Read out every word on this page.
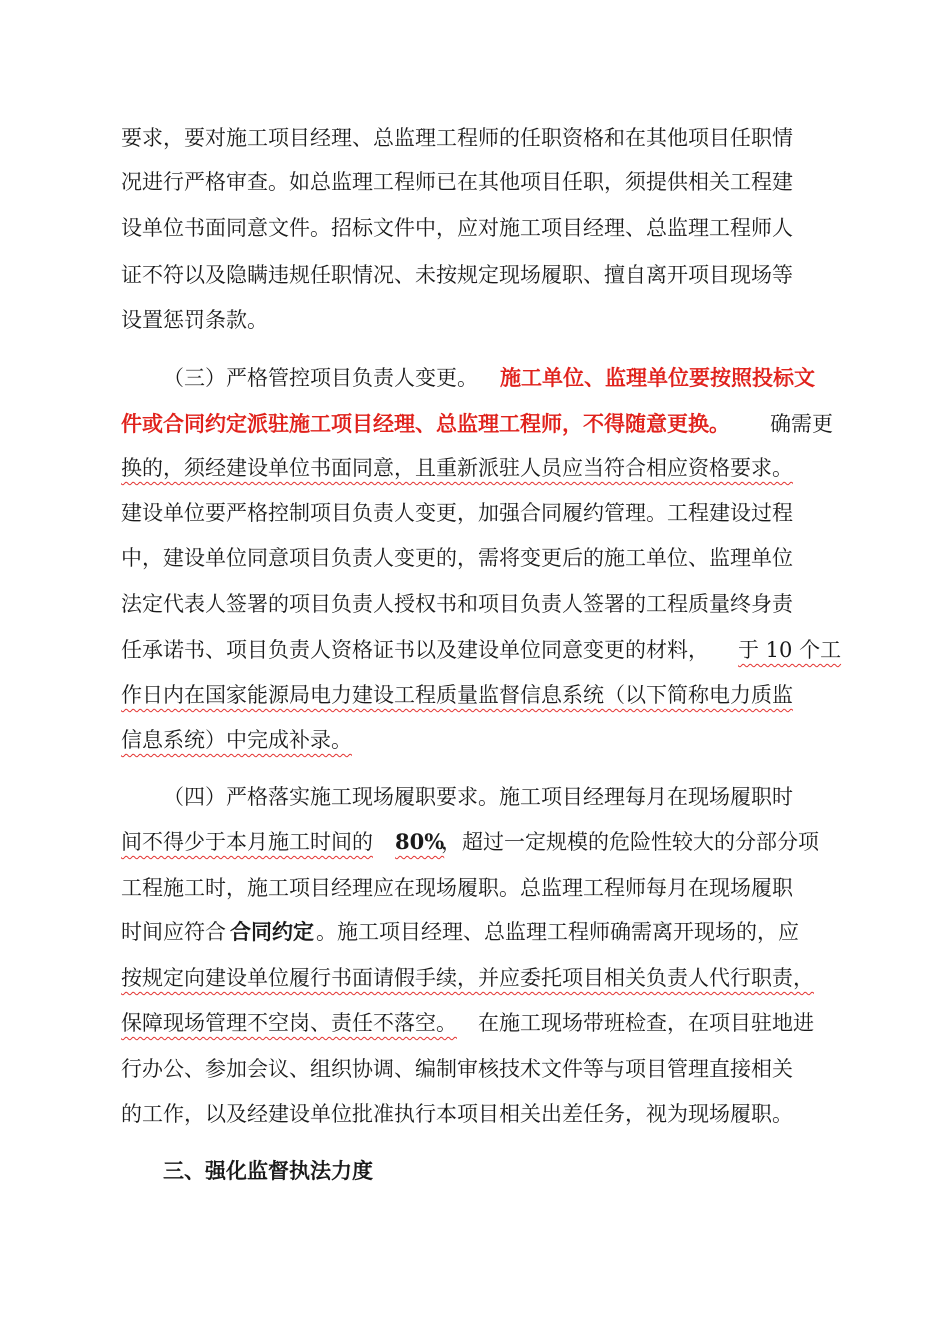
要求，要对施工项目经理、总监理工程师的任职资格和在其他项目任职情
况进行严格审查。如总监理工程师已在其他项目任职，须提供相关工程建
设单位书面同意文件。招标文件中，应对施工项目经理、总监理工程师人
证不符以及隐瞒违规任职情况、未按规定现场履职、擅自离开项目现场等
设置惩罚条款。
（三）严格管控项目负责人变更。 施工单位、监理单位要按照投标文
件或合同约定派驻施工项目经理、总监理工程师，不得随意更换。 确需更
换的，须经建设单位书面同意，且重新派驻人员应当符合相应资格要求。
建设单位要严格控制项目负责人变更，加强合同履约管理。工程建设过程
中，建设单位同意项目负责人变更的，需将变更后的施工单位、监理单位
法定代表人签署的项目负责人授权书和项目负责人签署的工程质量终身责
任承诺书、项目负责人资格证书以及建设单位同意变更的材料， 于 10 个工
作日内在国家能源局电力建设工程质量监督信息系统（以下简称电力质监
信息系统）中完成补录。
（四）严格落实施工现场履职要求。施工项目经理每月在现场履职时
间不得少于本月施工时间的 80%
，超过一定规模的危险性较大的分部分项
工程施工时，施工项目经理应在现场履职。总监理工程师每月在现场履职
时间应符合 合同约定 。施工项目经理、总监理工程师确需离开现场的，应
按规定向建设单位履行书面请假手续，并应委托项目相关负责人代行职责，
保障现场管理不空岗、责任不落空。 在施工现场带班检查，在项目驻地进
行办公、参加会议、组织协调、编制审核技术文件等与项目管理直接相关
的工作，以及经建设单位批准执行本项目相关出差任务，视为现场履职。
三、强化监督执法力度
